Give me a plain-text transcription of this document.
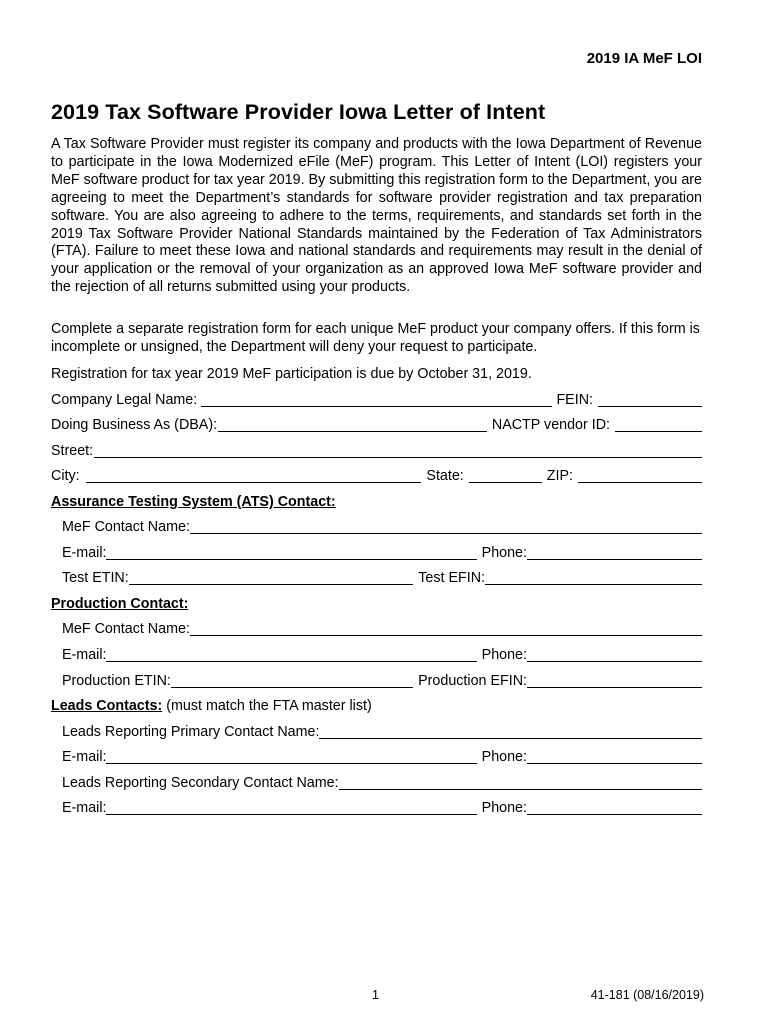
2019 IA MeF LOI
2019 Tax Software Provider Iowa Letter of Intent

A Tax Software Provider must register its company and products with the Iowa Department of Revenue to participate in the Iowa Modernized eFile (MeF) program. This Letter of Intent (LOI) registers your MeF software product for tax year 2019. By submitting this registration form to the Department, you are agreeing to meet the Department’s standards for software provider registration and tax preparation software. You are also agreeing to adhere to the terms, requirements, and standards set forth in the 2019 Tax Software Provider National Standards maintained by the Federation of Tax Administrators (FTA). Failure to meet these Iowa and national standards and requirements may result in the denial of your application or the removal of your organization as an approved Iowa MeF software provider and the rejection of all returns submitted using your products.

Complete a separate registration form for each unique MeF product your company offers. If this form is incomplete or unsigned, the Department will deny your request to participate.

Registration for tax year 2019 MeF participation is due by October 31, 2019.

Company Legal Name:	FEIN:
Doing Business As (DBA):	NACTP vendor ID:
Street:
City:	State:	ZIP:
Assurance Testing System (ATS) Contact:
MeF Contact Name:
E-mail:	Phone:
Test ETIN:	Test EFIN:
Production Contact:
MeF Contact Name:
E-mail:	Phone:
Production ETIN:	Production EFIN:
Leads Contacts: (must match the FTA master list)
Leads Reporting Primary Contact Name:
E-mail:	Phone:
Leads Reporting Secondary Contact Name:
E-mail:	Phone:
1	41-181 (08/16/2019)
